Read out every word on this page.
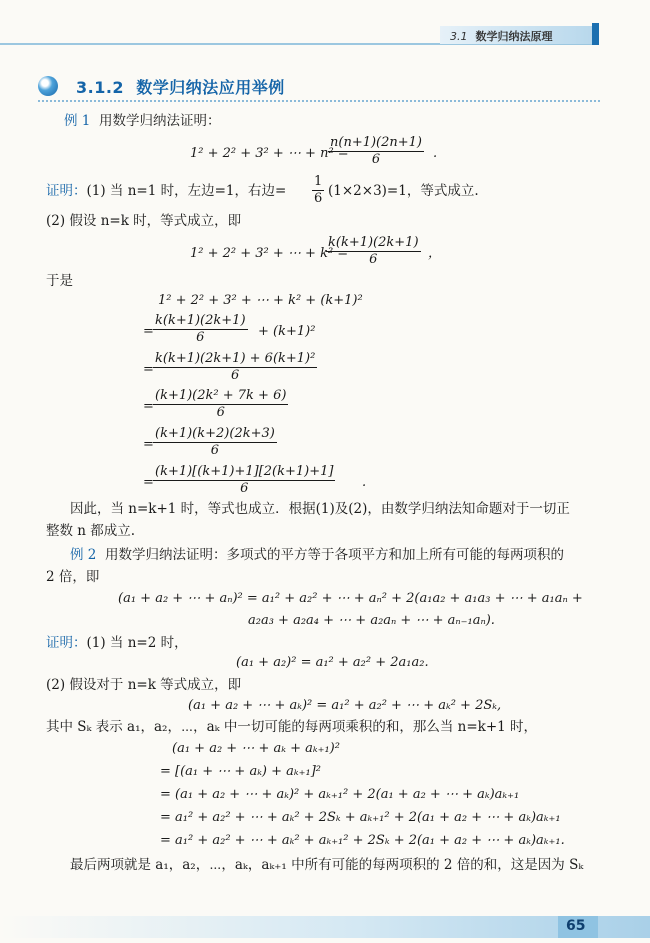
3.1 数学归纳法原理
3.1.2 数学归纳法应用举例
例 1 用数学归纳法证明：
1² + 2² + 3² + ⋯ + n² =
$\frac{n(n+1)(2n+1)}{6}$ .
证明：(1) 当 n=1 时，左边=1，右边= $\frac{1}{6} (1\times 2\times 3)=1$，等式成立.
(2) 假设 n=k 时，等式成立，即
1² + 2² + 3² + ⋯ + k² =
$\frac{k(k+1)(2k+1)}{6}$ ，
于是
1² + 2² + 3² + ⋯ + k² + (k+1)²
= $\frac{k(k+1)(2k+1)}{6} + (k+1)^2$
= $\frac{\text{k(k+1)(2k+1) + 6(k+1)²}}{6}$
= $\frac{\text{(k+1)(2k² + 7k + 6)}}{6}$
= $\frac{(k+1)(k+2)(2k+3)}{6}$
= $\frac{(k+1)[(k+1)+1][2(k+1)+1]}{6}$ .
因此，当 n=k+1 时，等式也成立．根据(1)及(2)，由数学归纳法知命题对于一切正
整数 n 都成立.
例 2 用数学归纳法证明：多项式的平方等于各项平方和加上所有可能的每两项积的
2 倍，即
(a₁ + a₂ + ⋯ + aₙ)² = a₁² + a₂² + ⋯ + aₙ² + 2(a₁a₂ + a₁a₃ + ⋯ + a₁aₙ +
a₂a₃ + a₂a₄ + ⋯ + a₂aₙ + ⋯ + aₙ₋₁aₙ).
证明：(1) 当 n=2 时，
(a₁ + a₂)² = a₁² + a₂² + 2a₁a₂.
(2) 假设对于 n=k 等式成立，即
(a₁ + a₂ + ⋯ + aₖ)² = a₁² + a₂² + ⋯ + aₖ² + 2Sₖ,
其中 Sₖ 表示 a₁，a₂，⋯，aₖ 中一切可能的每两项乘积的和，那么当 n=k+1 时，
(a₁ + a₂ + ⋯ + aₖ + aₖ₊₁)²
= [(a₁ + ⋯ + aₖ) + aₖ₊₁]²
= (a₁ + a₂ + ⋯ + aₖ)² + aₖ₊₁² + 2(a₁ + a₂ + ⋯ + aₖ)aₖ₊₁
= a₁² + a₂² + ⋯ + aₖ² + 2Sₖ + aₖ₊₁² + 2(a₁ + a₂ + ⋯ + aₖ)aₖ₊₁
= a₁² + a₂² + ⋯ + aₖ² + aₖ₊₁² + 2Sₖ + 2(a₁ + a₂ + ⋯ + aₖ)aₖ₊₁.
最后两项就是 a₁，a₂，⋯，aₖ，aₖ₊₁ 中所有可能的每两项积的 2 倍的和，这是因为 Sₖ
65
